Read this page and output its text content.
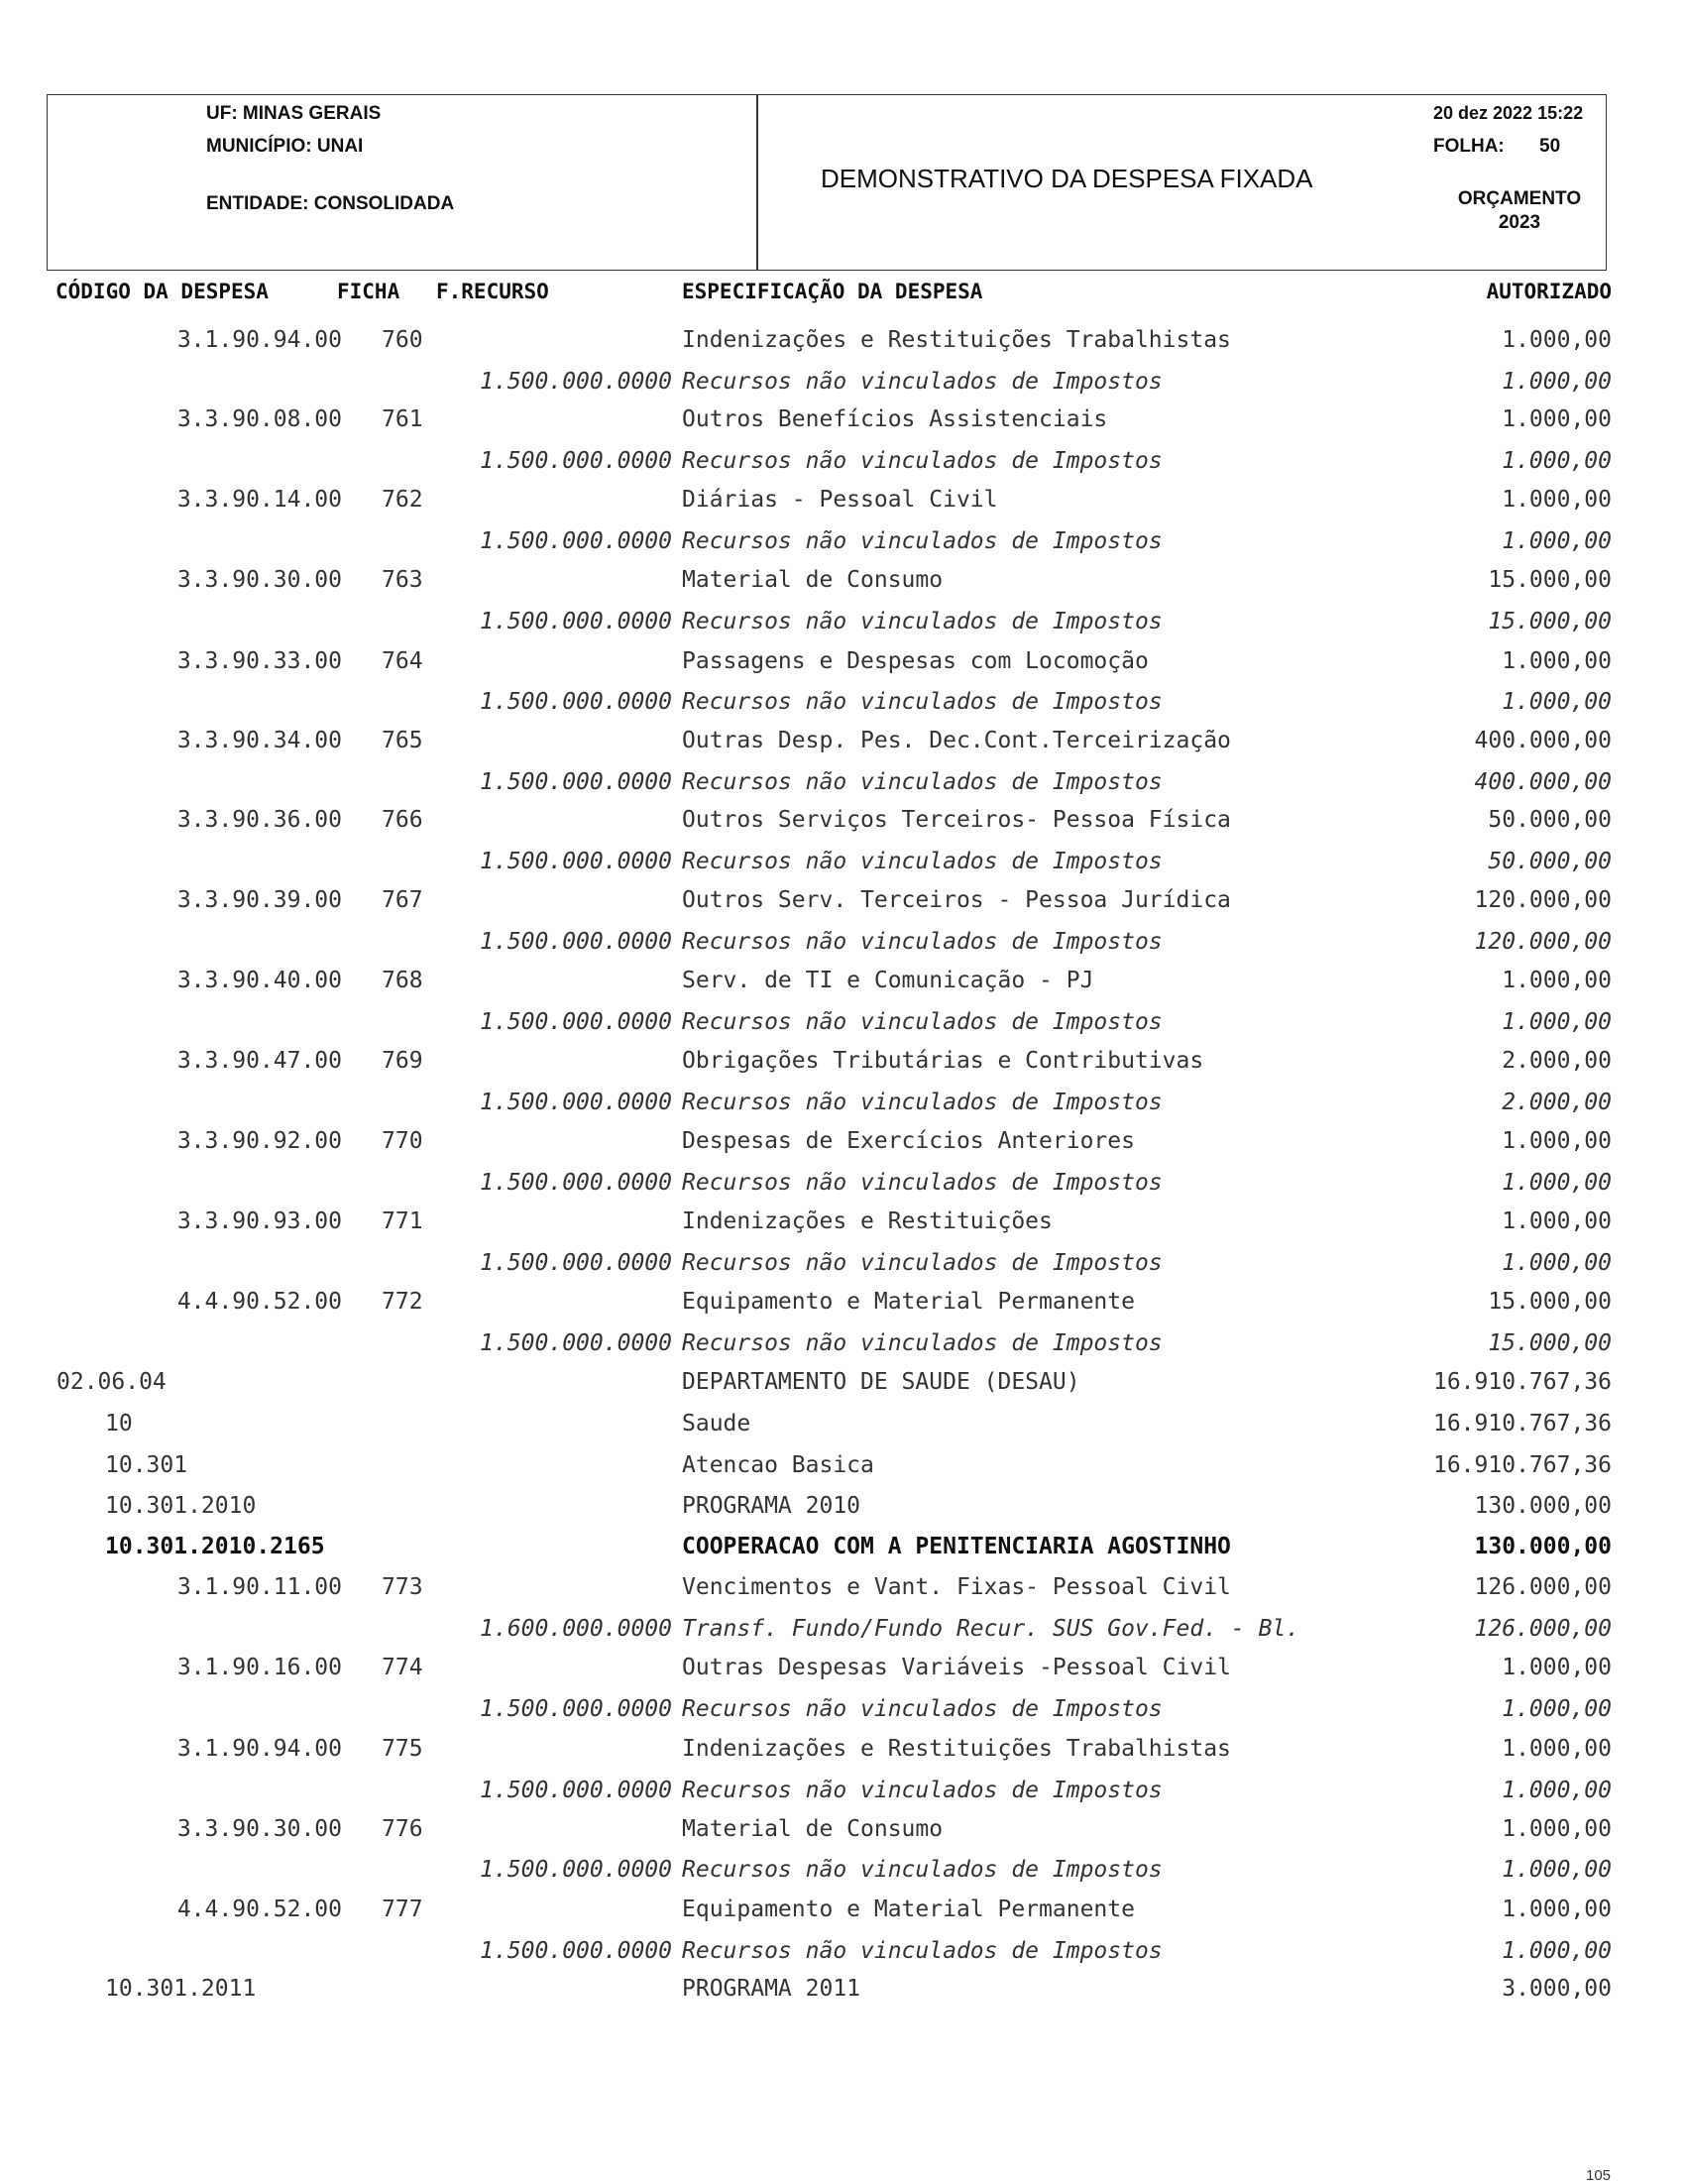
UF: MINAS GERAIS
MUNICÍPIO: UNAI
ENTIDADE: CONSOLIDADA
DEMONSTRATIVO DA DESPESA FIXADA
20 dez 2022 15:22
FOLHA: 50
ORÇAMENTO
2023
CÓDIGO DA DESPESA	FICHA F.RECURSO	ESPECIFICAÇÃO DA DESPESA	AUTORIZADO
3.1.90.94.00 760	Indenizações e Restituições Trabalhistas	1.000,00
1.500.000.0000 Recursos não vinculados de Impostos	1.000,00
3.3.90.08.00 761	Outros Benefícios Assistenciais	1.000,00
1.500.000.0000 Recursos não vinculados de Impostos	1.000,00
3.3.90.14.00 762	Diárias - Pessoal Civil	1.000,00
1.500.000.0000 Recursos não vinculados de Impostos	1.000,00
3.3.90.30.00 763	Material de Consumo	15.000,00
1.500.000.0000 Recursos não vinculados de Impostos	15.000,00
3.3.90.33.00 764	Passagens e Despesas com Locomoção	1.000,00
1.500.000.0000 Recursos não vinculados de Impostos	1.000,00
3.3.90.34.00 765	Outras Desp. Pes. Dec.Cont.Terceirização	400.000,00
1.500.000.0000 Recursos não vinculados de Impostos	400.000,00
3.3.90.36.00 766	Outros Serviços Terceiros- Pessoa Física	50.000,00
1.500.000.0000 Recursos não vinculados de Impostos	50.000,00
3.3.90.39.00 767	Outros Serv. Terceiros - Pessoa Jurídica	120.000,00
1.500.000.0000 Recursos não vinculados de Impostos	120.000,00
3.3.90.40.00 768	Serv. de TI e Comunicação - PJ	1.000,00
1.500.000.0000 Recursos não vinculados de Impostos	1.000,00
3.3.90.47.00 769	Obrigações Tributárias e Contributivas	2.000,00
1.500.000.0000 Recursos não vinculados de Impostos	2.000,00
3.3.90.92.00 770	Despesas de Exercícios Anteriores	1.000,00
1.500.000.0000 Recursos não vinculados de Impostos	1.000,00
3.3.90.93.00 771	Indenizações e Restituições	1.000,00
1.500.000.0000 Recursos não vinculados de Impostos	1.000,00
4.4.90.52.00 772	Equipamento e Material Permanente	15.000,00
1.500.000.0000 Recursos não vinculados de Impostos	15.000,00
02.06.04	DEPARTAMENTO DE SAUDE (DESAU)	16.910.767,36
10	Saude	16.910.767,36
10.301	Atencao Basica	16.910.767,36
10.301.2010	PROGRAMA 2010	130.000,00
10.301.2010.2165	COOPERACAO COM A PENITENCIARIA AGOSTINHO	130.000,00
3.1.90.11.00 773	Vencimentos e Vant. Fixas- Pessoal Civil	126.000,00
1.600.000.0000 Transf. Fundo/Fundo Recur. SUS Gov.Fed. - Bl.	126.000,00
3.1.90.16.00 774	Outras Despesas Variáveis -Pessoal Civil	1.000,00
1.500.000.0000 Recursos não vinculados de Impostos	1.000,00
3.1.90.94.00 775	Indenizações e Restituições Trabalhistas	1.000,00
1.500.000.0000 Recursos não vinculados de Impostos	1.000,00
3.3.90.30.00 776	Material de Consumo	1.000,00
1.500.000.0000 Recursos não vinculados de Impostos	1.000,00
4.4.90.52.00 777	Equipamento e Material Permanente	1.000,00
1.500.000.0000 Recursos não vinculados de Impostos	1.000,00
10.301.2011	PROGRAMA 2011	3.000,00
105
